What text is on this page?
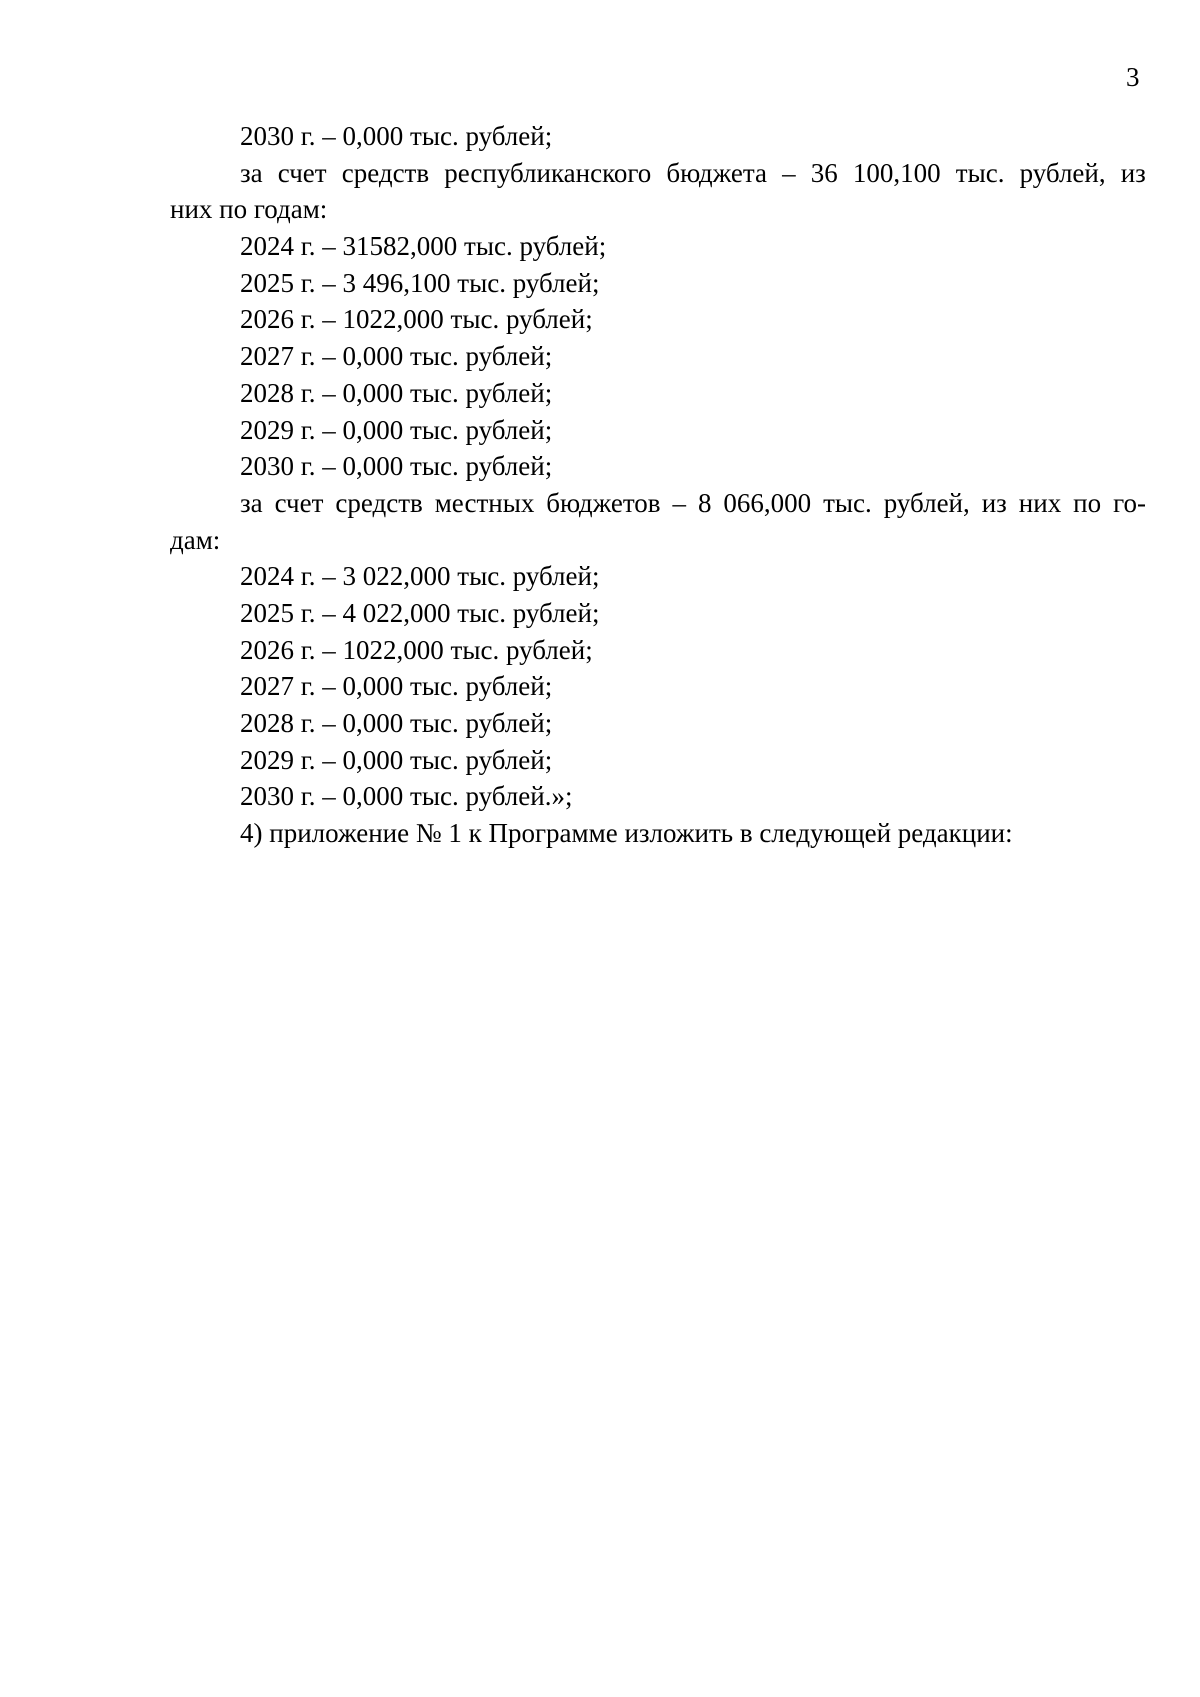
3
2030 г. – 0,000 тыс. рублей;
за счет средств республиканского бюджета – 36 100,100 тыс. рублей, из
них по годам:
2024 г. – 31582,000 тыс. рублей;
2025 г. – 3 496,100 тыс. рублей;
2026 г. – 1022,000 тыс. рублей;
2027 г. – 0,000 тыс. рублей;
2028 г. – 0,000 тыс. рублей;
2029 г. – 0,000 тыс. рублей;
2030 г. – 0,000 тыс. рублей;
за счет средств местных бюджетов – 8 066,000 тыс. рублей, из них по го-
дам:
2024 г. – 3 022,000 тыс. рублей;
2025 г. – 4 022,000 тыс. рублей;
2026 г. – 1022,000 тыс. рублей;
2027 г. – 0,000 тыс. рублей;
2028 г. – 0,000 тыс. рублей;
2029 г. – 0,000 тыс. рублей;
2030 г. – 0,000 тыс. рублей.»;
4) приложение № 1 к Программе изложить в следующей редакции:
